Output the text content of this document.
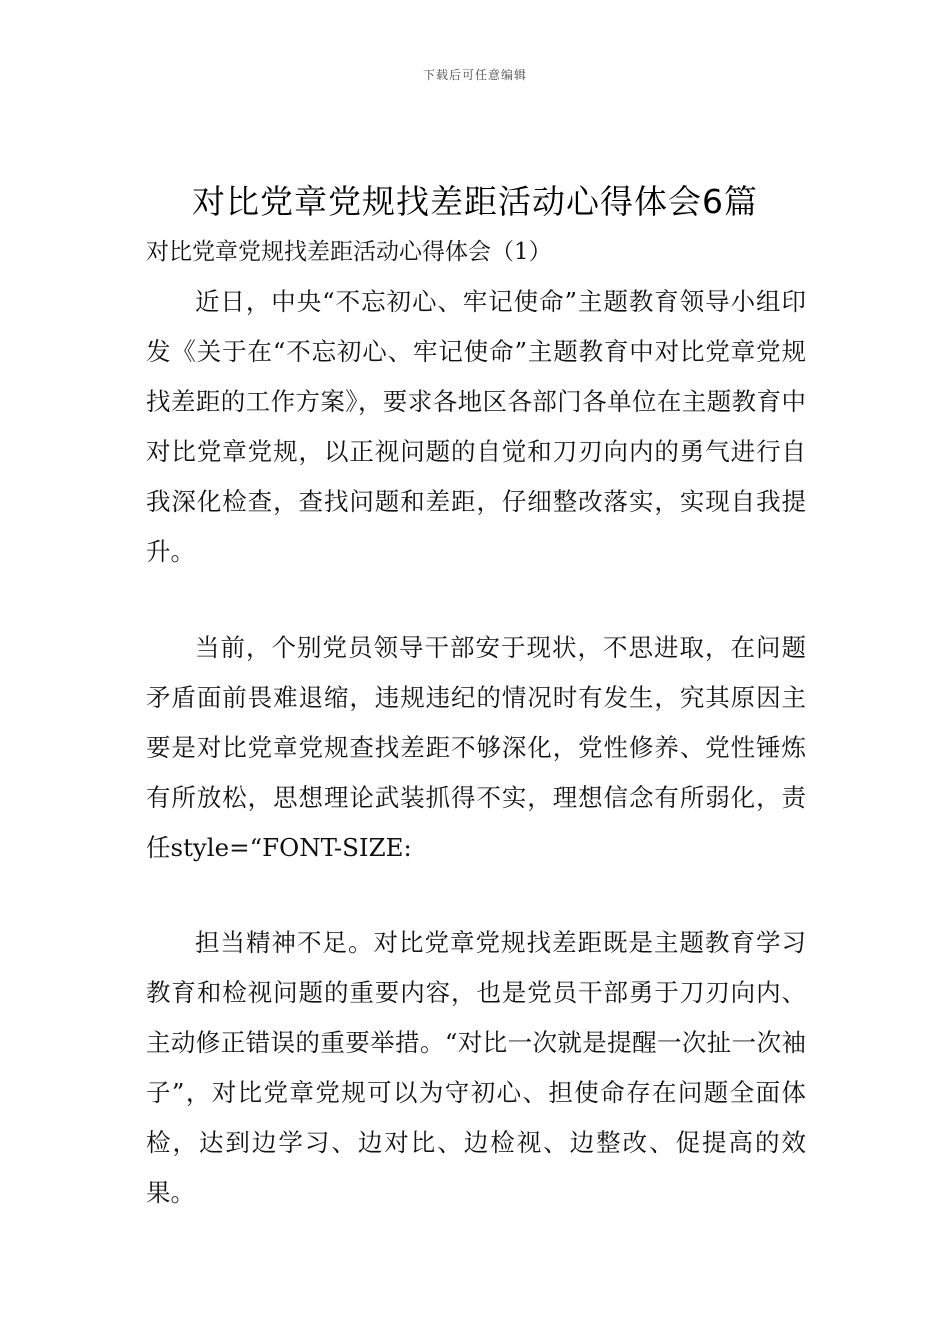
下载后可任意编辑
对比党章党规找差距活动心得体会6篇

对比党章党规找差距活动心得体会（1）

近日，中央“不忘初心、牢记使命”主题教育领导小组印发《关于在“不忘初心、牢记使命”主题教育中对比党章党规找差距的工作方案》，要求各地区各部门各单位在主题教育中对比党章党规，以正视问题的自觉和刀刃向内的勇气进行自我深化检查，查找问题和差距，仔细整改落实，实现自我提升。

当前，个别党员领导干部安于现状，不思进取，在问题矛盾面前畏难退缩，违规违纪的情况时有发生，究其原因主要是对比党章党规查找差距不够深化，党性修养、党性锤炼有所放松，思想理论武装抓得不实，理想信念有所弱化，责任style=“FONT-SIZE:

担当精神不足。对比党章党规找差距既是主题教育学习教育和检视问题的重要内容，也是党员干部勇于刀刃向内、主动修正错误的重要举措。“对比一次就是提醒一次扯一次袖子”，对比党章党规可以为守初心、担使命存在问题全面体检，达到边学习、边对比、边检视、边整改、促提高的效果。
